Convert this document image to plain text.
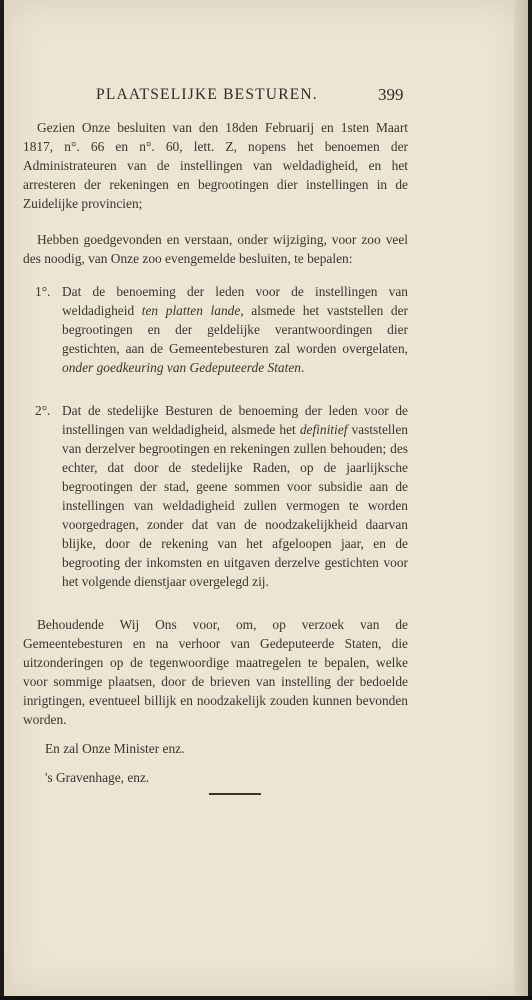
PLAATSELIJKE BESTUREN.	399

Gezien Onze besluiten van den 18den Februarij en 1sten Maart 1817, n°. 66 en n°. 60, lett. Z, nopens het benoemen der Administrateuren van de instellingen van weldadigheid, en het arresteren der rekeningen en begrootingen dier instellingen in de Zuidelijke provincien;

Hebben goedgevonden en verstaan, onder wijziging, voor zoo veel des noodig, van Onze zoo evengemelde besluiten, te bepalen:

1°. Dat de benoeming der leden voor de instellingen van weldadigheid ten platten lande, alsmede het vaststellen der begrootingen en der geldelijke verantwoordingen dier gestichten, aan de Gemeentebesturen zal worden overgelaten, onder goedkeuring van Gedeputeerde Staten.
2°. Dat de stedelijke Besturen de benoeming der leden voor de instellingen van weldadigheid, alsmede het definitief vaststellen van derzelver begrootingen en rekeningen zullen behouden; des echter, dat door de stedelijke Raden, op de jaarlijksche begrootingen der stad, geene sommen voor subsidie aan de instellingen van weldadigheid zullen vermogen te worden voorgedragen, zonder dat van de noodzakelijkheid daarvan blijke, door de rekening van het afgeloopen jaar, en de begrooting der inkomsten en uitgaven derzelve gestichten voor het volgende dienstjaar overgelegd zij.

Behoudende Wij Ons voor, om, op verzoek van de Gemeentebesturen en na verhoor van Gedeputeerde Staten, die uitzonderingen op de tegenwoordige maatregelen te bepalen, welke voor sommige plaatsen, door de brieven van instelling der bedoelde inrigtingen, eventueel billijk en noodzakelijk zouden kunnen bevonden worden.

En zal Onze Minister enz.

's Gravenhage, enz.
